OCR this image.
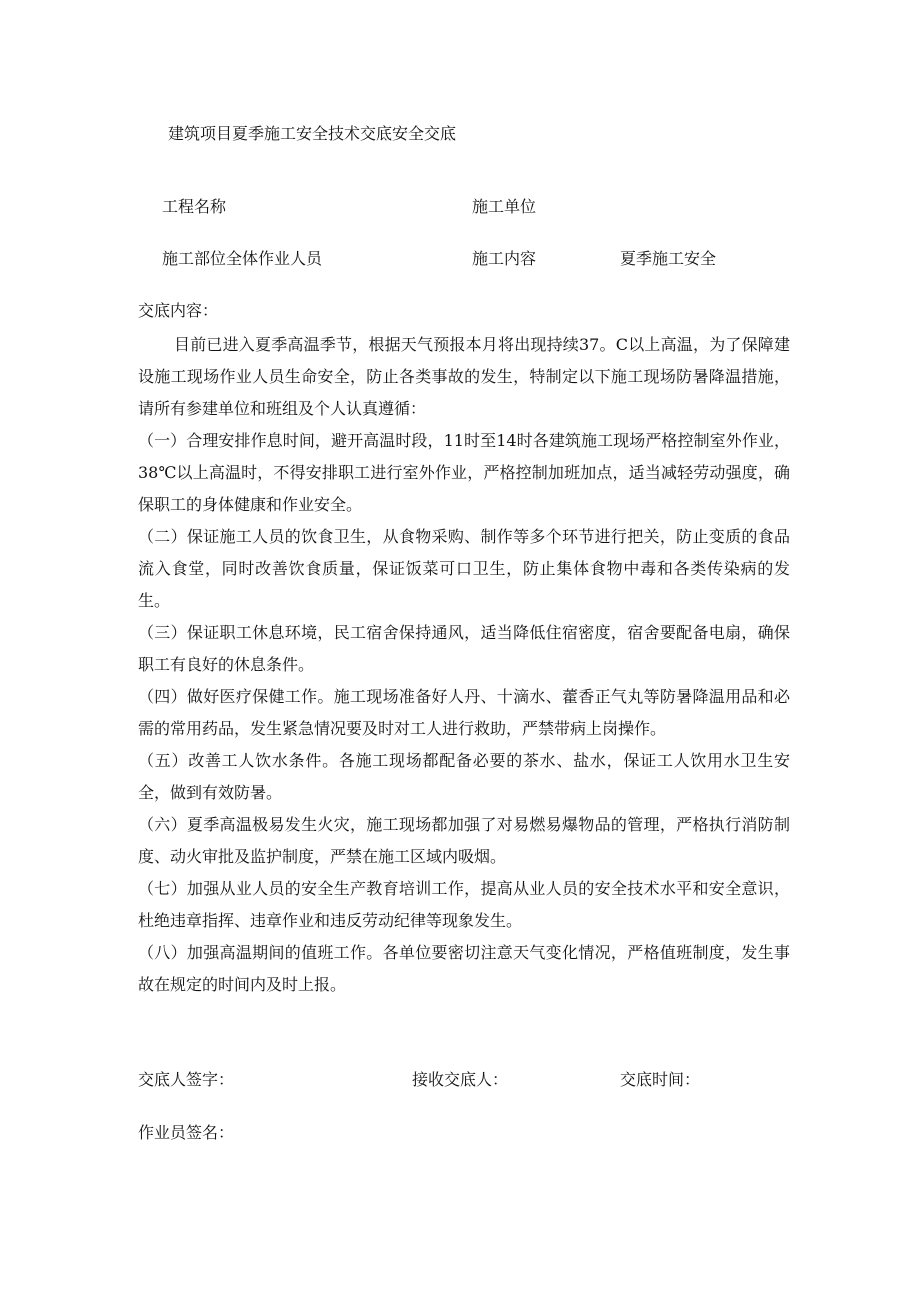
建筑项目夏季施工安全技术交底安全交底
工程名称	施工单位
施工部位全体作业人员	施工内容	夏季施工安全
交底内容：

目前已进入夏季高温季节，根据天气预报本月将出现持续37。C以上高温，为了保障建设施工现场作业人员生命安全，防止各类事故的发生，特制定以下施工现场防暑降温措施，请所有参建单位和班组及个人认真遵循：

（一）合理安排作息时间，避开高温时段，11时至14时各建筑施工现场严格控制室外作业，38℃以上高温时，不得安排职工进行室外作业，严格控制加班加点，适当减轻劳动强度，确保职工的身体健康和作业安全。

（二）保证施工人员的饮食卫生，从食物采购、制作等多个环节进行把关，防止变质的食品流入食堂，同时改善饮食质量，保证饭菜可口卫生，防止集体食物中毒和各类传染病的发生。

（三）保证职工休息环境，民工宿舍保持通风，适当降低住宿密度，宿舍要配备电扇，确保职工有良好的休息条件。

（四）做好医疗保健工作。施工现场准备好人丹、十滴水、藿香正气丸等防暑降温用品和必需的常用药品，发生紧急情况要及时对工人进行救助，严禁带病上岗操作。

（五）改善工人饮水条件。各施工现场都配备必要的茶水、盐水，保证工人饮用水卫生安全，做到有效防暑。

（六）夏季高温极易发生火灾，施工现场都加强了对易燃易爆物品的管理，严格执行消防制度、动火审批及监护制度，严禁在施工区域内吸烟。

（七）加强从业人员的安全生产教育培训工作，提高从业人员的安全技术水平和安全意识，杜绝违章指挥、违章作业和违反劳动纪律等现象发生。

（八）加强高温期间的值班工作。各单位要密切注意天气变化情况，严格值班制度，发生事故在规定的时间内及时上报。

交底人签字：	接收交底人：	交底时间：
作业员签名：
